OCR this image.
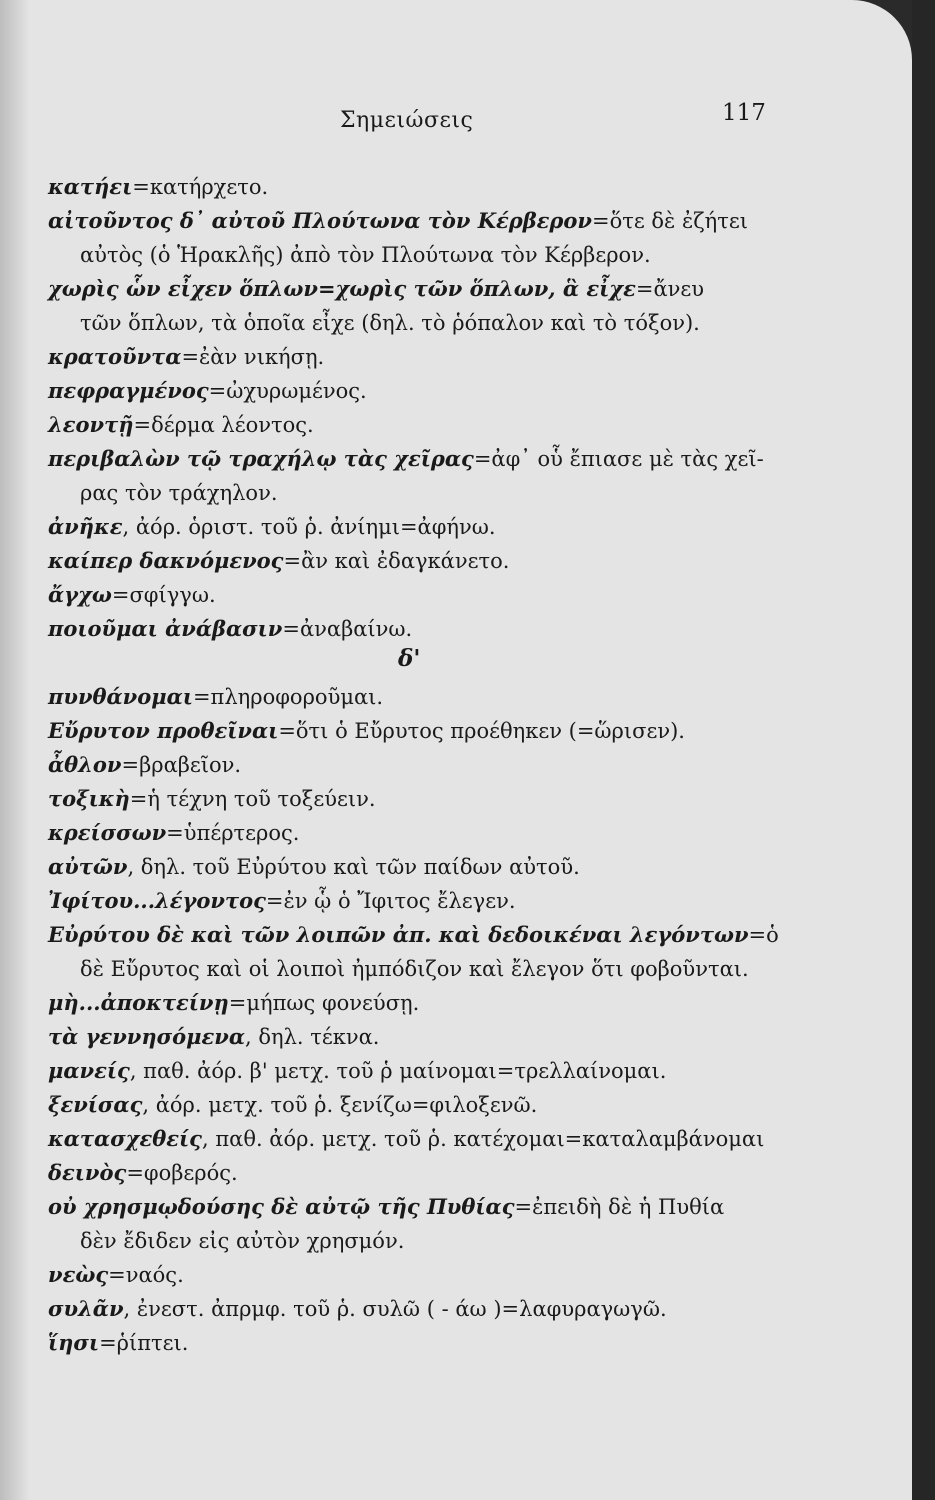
Σημειώσεις	117
κατήει=κατήρχετο.
αἰτοῦντος δ᾽ αὐτοῦ Πλούτωνα τὸν Κέρβερον=ὅτε δὲ ἐζήτει
αὐτὸς (ὁ Ἡρακλῆς) ἀπὸ τὸν Πλούτωνα τὸν Κέρβερον.
χωρὶς ὧν εἶχεν ὅπλων=χωρὶς τῶν ὅπλων, ἃ εἶχε=ἄνευ
τῶν ὅπλων, τὰ ὁποῖα εἶχε (δηλ. τὸ ῥόπαλον καὶ τὸ τόξον).
κρατοῦντα=ἐὰν νικήσῃ.
πεφραγμένος=ὠχυρωμένος.
λεοντῇ=δέρμα λέοντος.
περιβαλὼν τῷ τραχήλῳ τὰς χεῖρας=ἀφ᾽ οὗ ἔπιασε μὲ τὰς χεῖ-
ρας τὸν τράχηλον.
ἀνῆκε, ἀόρ. ὁριστ. τοῦ ῥ. ἀνίημι=ἀφήνω.
καίπερ δακνόμενος=ἂν καὶ ἐδαγκάνετο.
ἄγχω=σφίγγω.
ποιοῦμαι ἀνάβασιν=ἀναβαίνω.
δ'
πυνθάνομαι=πληροφοροῦμαι.
Εὔρυτον προθεῖναι=ὅτι ὁ Εὔρυτος προέθηκεν (=ὥρισεν).
ἆθλον=βραβεῖον.
τοξικὴ=ἡ τέχνη τοῦ τοξεύειν.
κρείσσων=ὑπέρτερος.
αὐτῶν, δηλ. τοῦ Εὐρύτου καὶ τῶν παίδων αὐτοῦ.
Ἰφίτου...λέγοντος=ἐν ᾧ ὁ Ἴφιτος ἔλεγεν.
Εὐρύτου δὲ καὶ τῶν λοιπῶν ἀπ. καὶ δεδοικέναι λεγόντων=ὁ
δὲ Εὔρυτος καὶ οἱ λοιποὶ ἠμπόδιζον καὶ ἔλεγον ὅτι φοβοῦνται.
μὴ...ἀποκτείνῃ=μήπως φονεύσῃ.
τὰ γεννησόμενα, δηλ. τέκνα.
μανείς, παθ. ἀόρ. β' μετχ. τοῦ ῥ μαίνομαι=τρελλαίνομαι.
ξενίσας, ἀόρ. μετχ. τοῦ ῥ. ξενίζω=φιλοξενῶ.
κατασχεθείς, παθ. ἀόρ. μετχ. τοῦ ῥ. κατέχομαι=καταλαμβάνομαι
δεινὸς=φοβερός.
οὐ χρησμῳδούσης δὲ αὐτῷ τῆς Πυθίας=ἐπειδὴ δὲ ἡ Πυθία
δὲν ἔδιδεν εἰς αὐτὸν χρησμόν.
νεὼς=ναός.
συλᾶν, ἐνεστ. ἀπρμφ. τοῦ ῥ. συλῶ ( - άω )=λαφυραγωγῶ.
ἵησι=ῥίπτει.
